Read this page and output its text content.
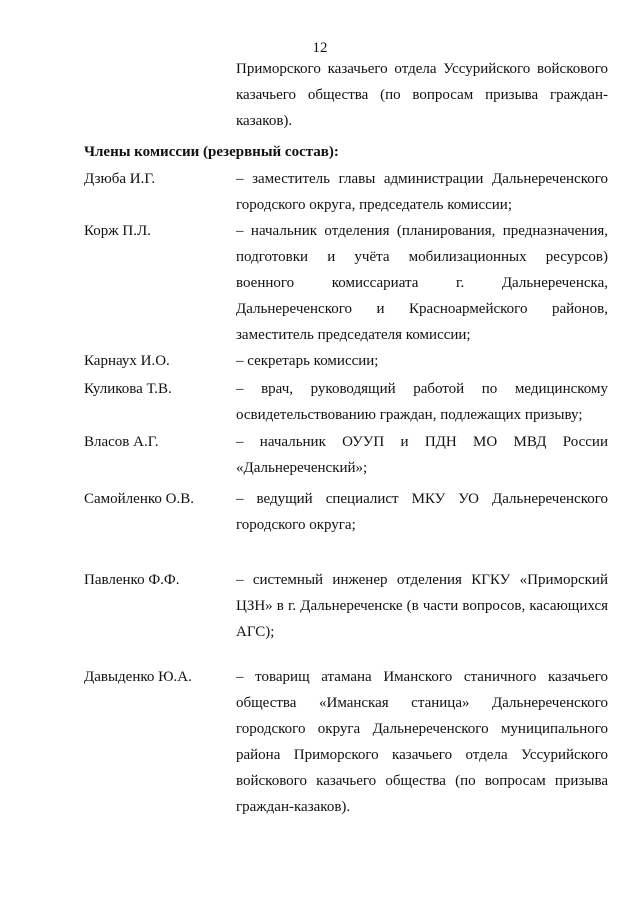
12
Приморского казачьего отдела Уссурийского войскового казачьего общества (по вопросам призыва граждан-казаков).
Члены комиссии (резервный состав):
Дзюба И.Г.	– заместитель главы администрации Дальнереченского городского округа, председатель комиссии;
Корж П.Л.	– начальник отделения (планирования, предназначения, подготовки и учёта мобилизационных ресурсов) военного комиссариата г. Дальнереченска, Дальнереченского и Красноармейского районов, заместитель председателя комиссии;
Карнаух И.О.	– секретарь комиссии;
Куликова Т.В.	– врач, руководящий работой по медицинскому освидетельствованию граждан, подлежащих призыву;
Власов А.Г.	– начальник ОУУП и ПДН МО МВД России «Дальнереченский»;
Самойленко О.В.	– ведущий специалист МКУ УО Дальнереченского городского округа;
Павленко Ф.Ф.	– системный инженер отделения КГКУ «Приморский ЦЗН» в г. Дальнереченске (в части вопросов, касающихся АГС);
Давыденко Ю.А.	– товарищ атамана Иманского станичного казачьего общества «Иманская станица» Дальнереченского городского округа Дальнереченского муниципального района Приморского казачьего отдела Уссурийского войскового казачьего общества (по вопросам призыва граждан-казаков).
